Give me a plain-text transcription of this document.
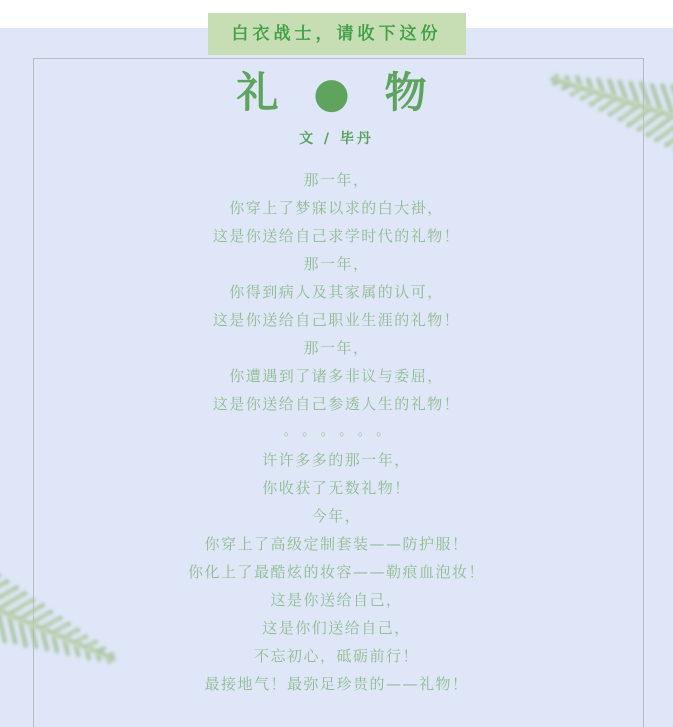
白衣战士，请收下这份
礼 ● 物
文 / 毕丹
那一年，
你穿上了梦寐以求的白大褂，
这是你送给自己求学时代的礼物！
那一年，
你得到病人及其家属的认可，
这是你送给自己职业生涯的礼物！
那一年，
你遭遇到了诸多非议与委屈，
这是你送给自己参透人生的礼物！
。。。。。。
许许多多的那一年，
你收获了无数礼物！
今年，
你穿上了高级定制套装——防护服！
你化上了最酷炫的妆容——勒痕血泡妆！
这是你送给自己，
这是你们送给自己，
不忘初心，砥砺前行！
最接地气！最弥足珍贵的——礼物！
